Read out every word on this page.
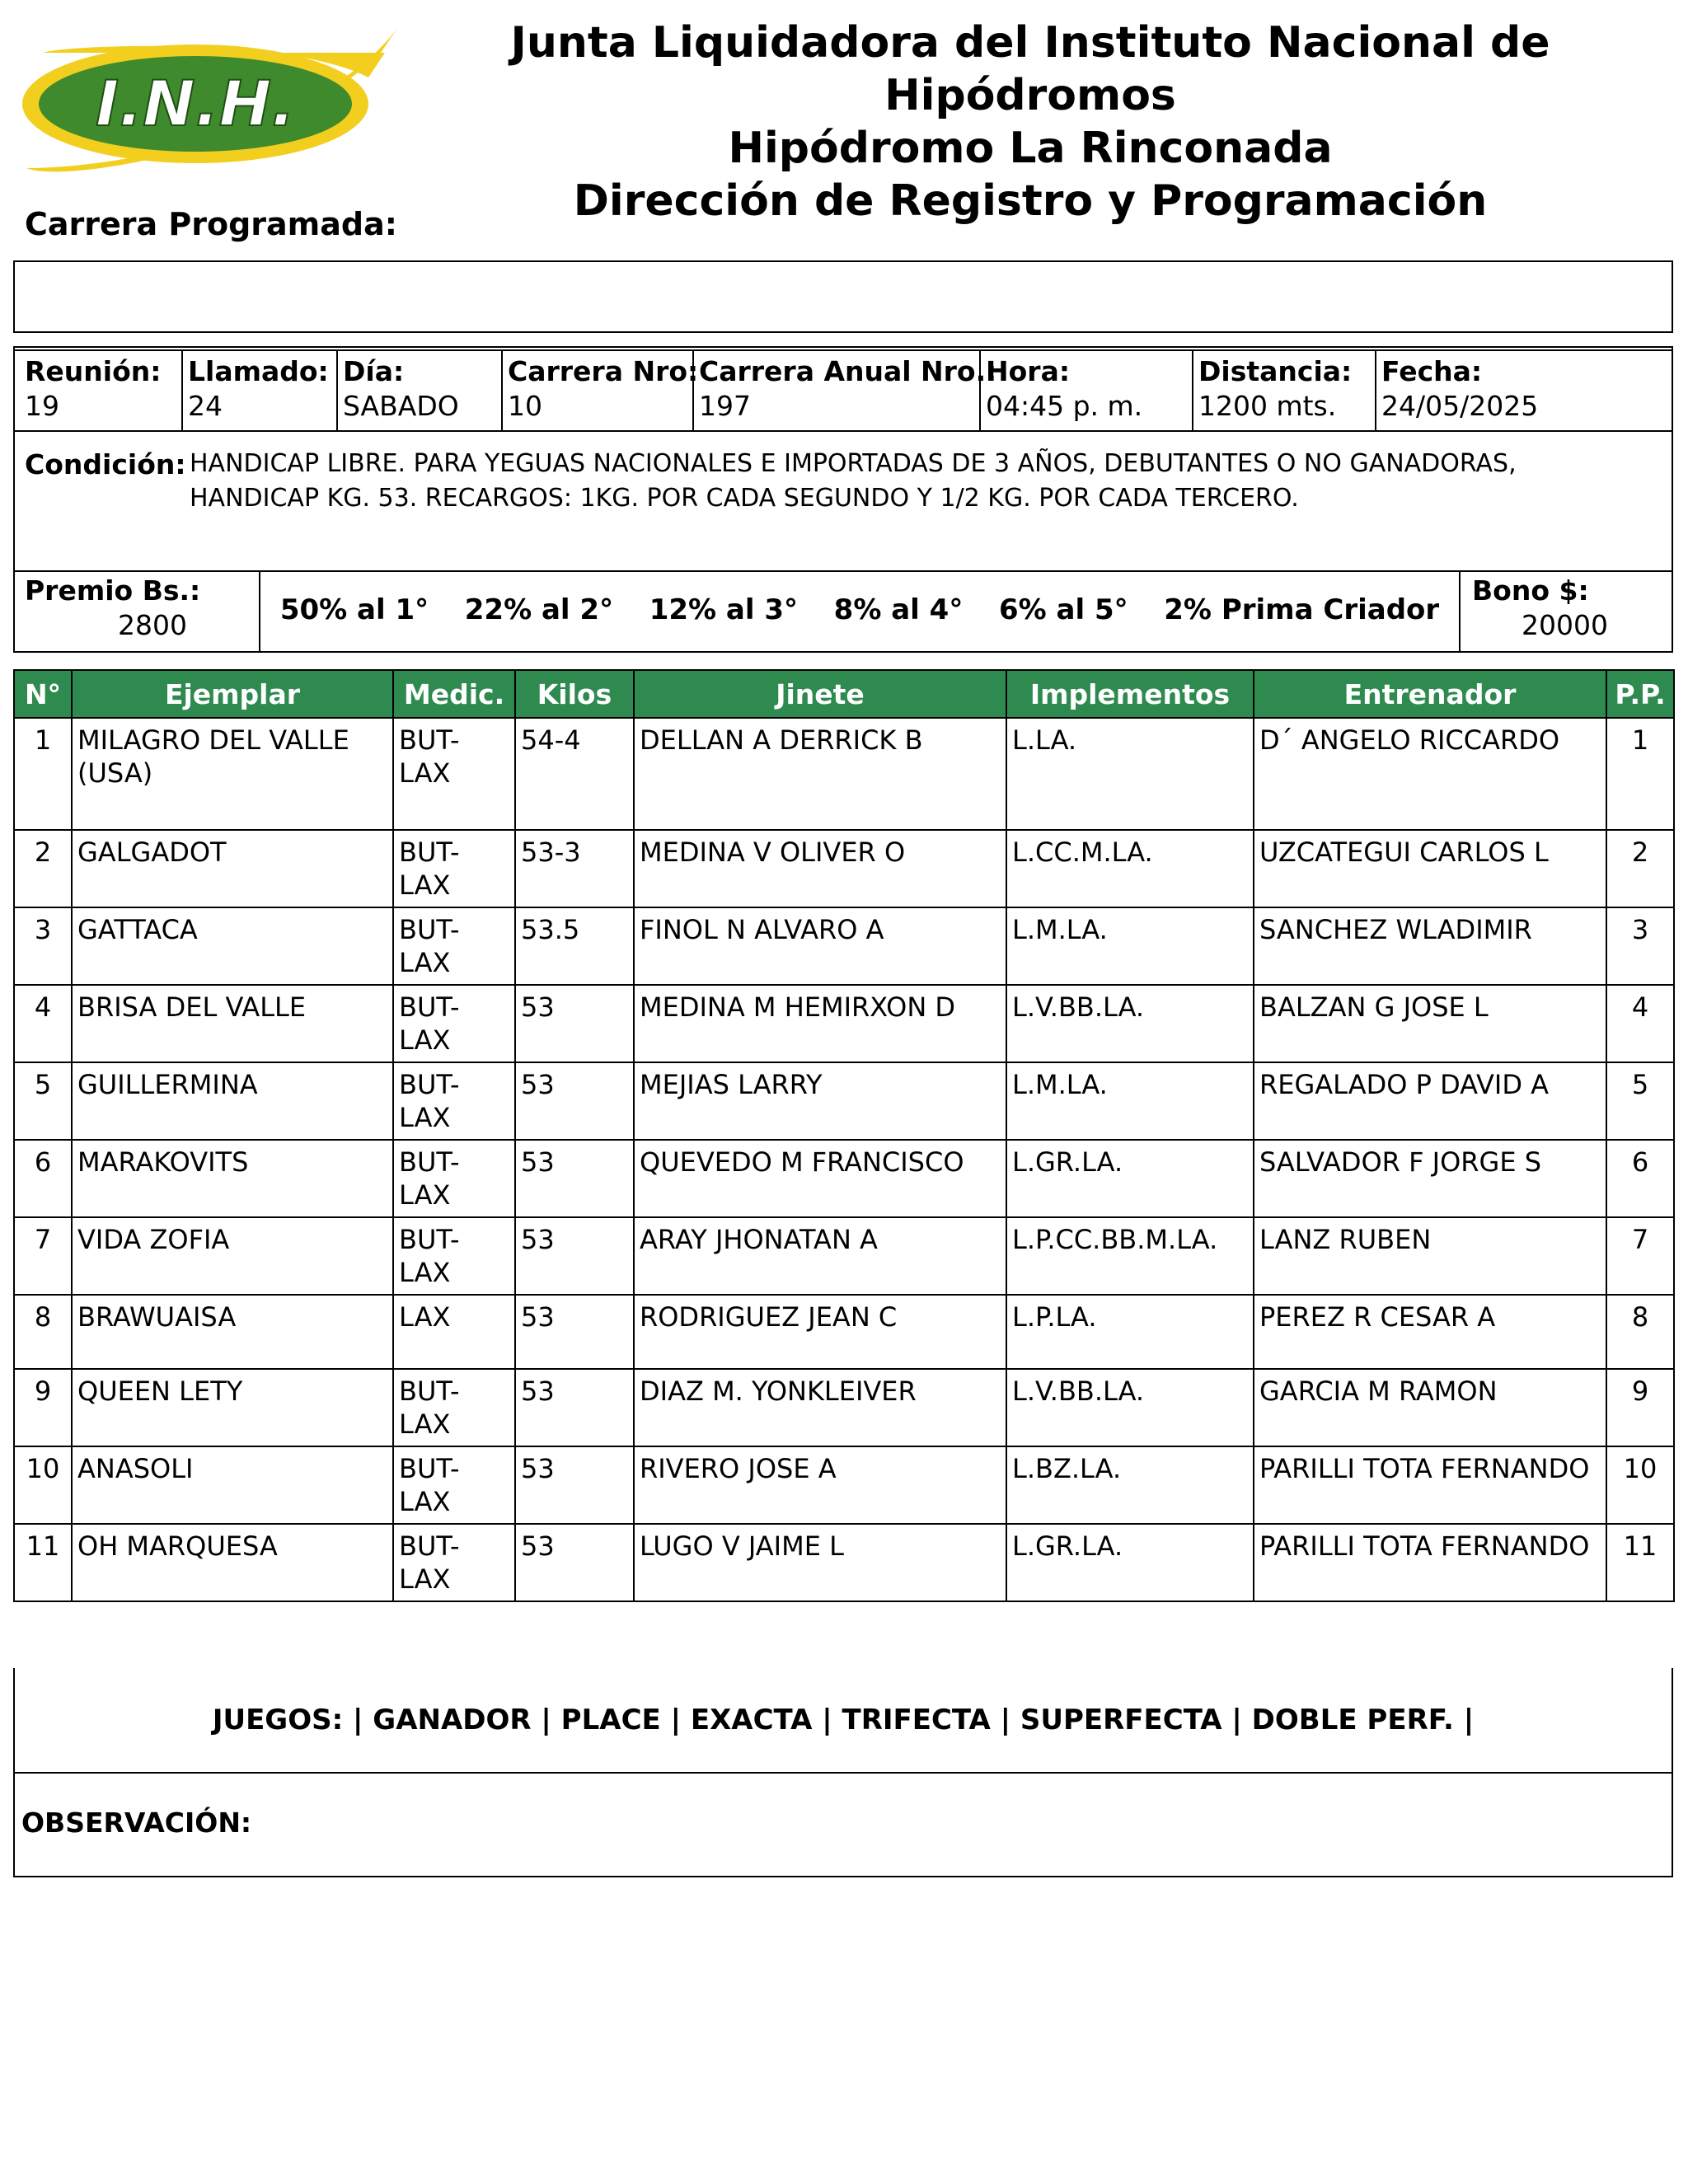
I.N.H.
Junta Liquidadora del Instituto Nacional de Hipódromos
Hipódromo La Rinconada
Dirección de Registro y Programación
Carrera Programada:
Reunión:
19
Llamado:
24
Día:
SABADO
Carrera Nro:
10
Carrera Anual Nro.:
197
Hora:
04:45 p. m.
Distancia:
1200 mts.
Fecha:
24/05/2025
Condición: HANDICAP LIBRE. PARA YEGUAS NACIONALES E IMPORTADAS DE 3 AÑOS, DEBUTANTES O NO GANADORAS,
HANDICAP KG. 53. RECARGOS: 1KG. POR CADA SEGUNDO Y 1/2 KG. POR CADA TERCERO.
Premio Bs.:
2800	50% al 1° 22% al 2° 12% al 3° 8% al 4° 6% al 5° 2% Prima Criador
Bono $:
20000
N°	Ejemplar	Medic.	Kilos	Jinete	Implementos	Entrenador	P.P.
1	MILAGRO DEL VALLE (USA)	BUT-LAX	54-4	DELLAN A DERRICK B	L.LA.	D´ ANGELO RICCARDO	1
2	GALGADOT	BUT-LAX	53-3	MEDINA V OLIVER O	L.CC.M.LA.	UZCATEGUI CARLOS L	2
3	GATTACA	BUT-LAX	53.5	FINOL N ALVARO A	L.M.LA.	SANCHEZ WLADIMIR	3
4	BRISA DEL VALLE	BUT-LAX	53	MEDINA M HEMIRXON D	L.V.BB.LA.	BALZAN G JOSE L	4
5	GUILLERMINA	BUT-LAX	53	MEJIAS LARRY	L.M.LA.	REGALADO P DAVID A	5
6	MARAKOVITS	BUT-LAX	53	QUEVEDO M FRANCISCO	L.GR.LA.	SALVADOR F JORGE S	6
7	VIDA ZOFIA	BUT-LAX	53	ARAY JHONATAN A	L.P.CC.BB.M.LA.	LANZ RUBEN	7
8	BRAWUAISA	LAX	53	RODRIGUEZ JEAN C	L.P.LA.	PEREZ R CESAR A	8
9	QUEEN LETY	BUT-LAX	53	DIAZ M. YONKLEIVER	L.V.BB.LA.	GARCIA M RAMON	9
10	ANASOLI	BUT-LAX	53	RIVERO JOSE A	L.BZ.LA.	PARILLI TOTA FERNANDO	10
11	OH MARQUESA	BUT-LAX	53	LUGO V JAIME L	L.GR.LA.	PARILLI TOTA FERNANDO	11
JUEGOS: | GANADOR | PLACE | EXACTA | TRIFECTA | SUPERFECTA | DOBLE PERF. |
OBSERVACIÓN:
